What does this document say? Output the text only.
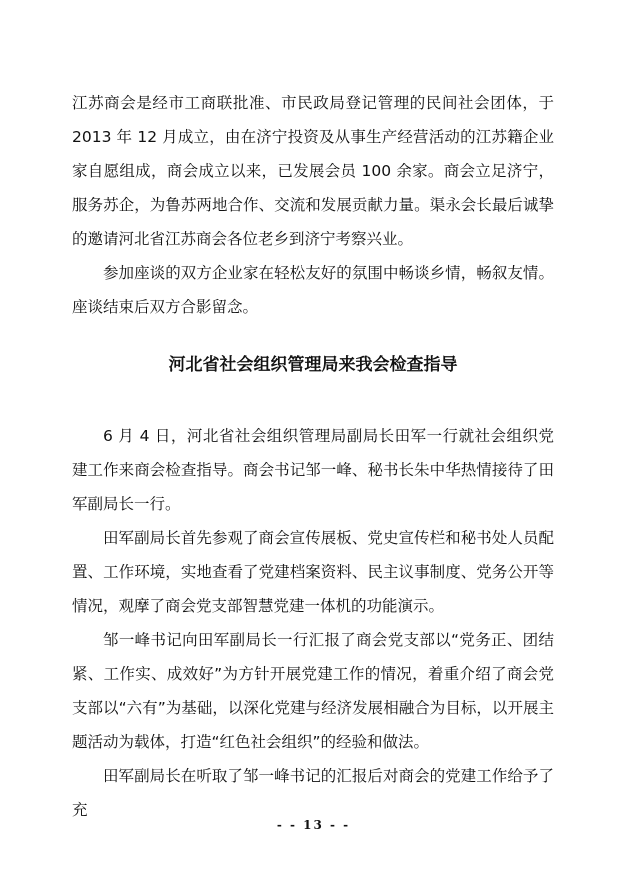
江苏商会是经市工商联批准、市民政局登记管理的民间社会团体，于 2013 年 12 月成立，由在济宁投资及从事生产经营活动的江苏籍企业家自愿组成，商会成立以来，已发展会员 100 余家。商会立足济宁，服务苏企，为鲁苏两地合作、交流和发展贡献力量。渠永会长最后诚挚的邀请河北省江苏商会各位老乡到济宁考察兴业。

参加座谈的双方企业家在轻松友好的氛围中畅谈乡情，畅叙友情。座谈结束后双方合影留念。

河北省社会组织管理局来我会检查指导

6 月 4 日，河北省社会组织管理局副局长田军一行就社会组织党建工作来商会检查指导。商会书记邹一峰、秘书长朱中华热情接待了田军副局长一行。

田军副局长首先参观了商会宣传展板、党史宣传栏和秘书处人员配置、工作环境，实地查看了党建档案资料、民主议事制度、党务公开等情况，观摩了商会党支部智慧党建一体机的功能演示。

邹一峰书记向田军副局长一行汇报了商会党支部以“党务正、团结紧、工作实、成效好”为方针开展党建工作的情况，着重介绍了商会党支部以“六有”为基础，以深化党建与经济发展相融合为目标，以开展主题活动为载体，打造“红色社会组织”的经验和做法。

田军副局长在听取了邹一峰书记的汇报后对商会的党建工作给予了充

- - 13 - -
